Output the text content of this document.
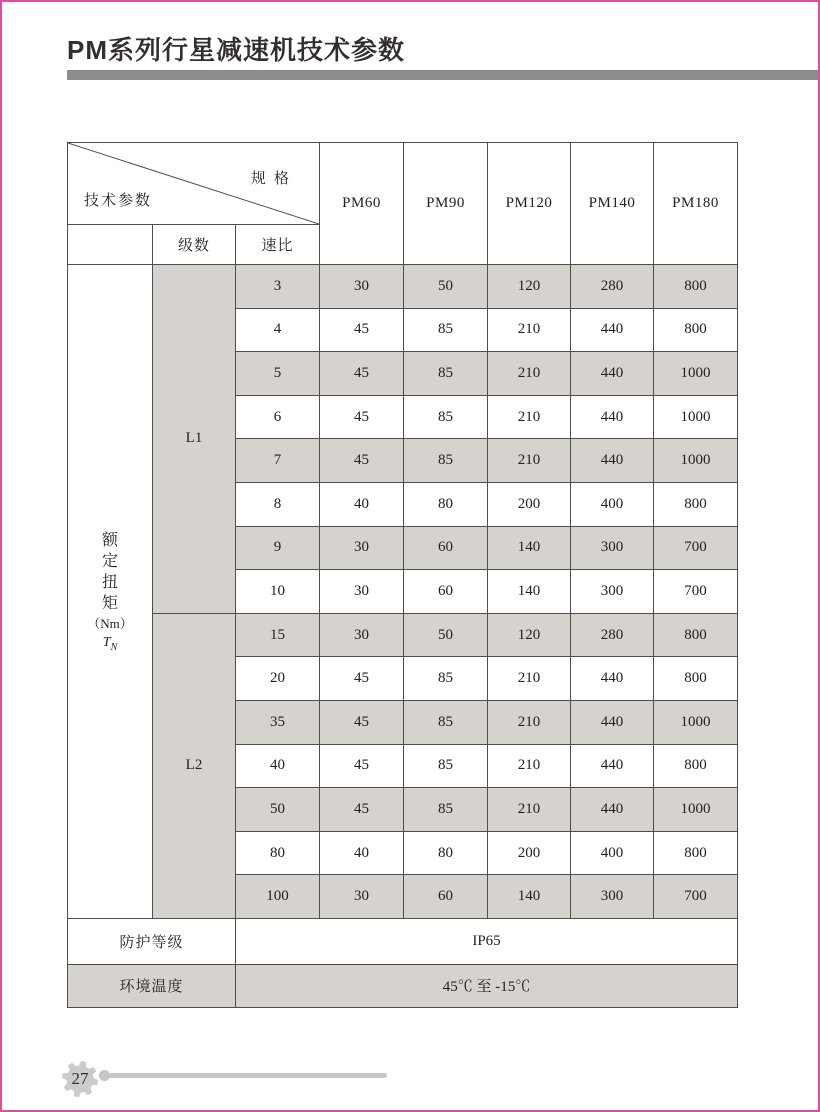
PM系列行星减速机技术参数
规 格
技术参数			PM60	PM90	PM120	PM140	PM180
	级数	速比					

额定扭矩
（Nm）
$T_N$	L1	3	30	50	120	280	800
		4	45	85	210	440	800
		5	45	85	210	440	1000
		6	45	85	210	440	1000
		7	45	85	210	440	1000
		8	40	80	200	400	800
		9	30	60	140	300	700
		10	30	60	140	300	700
	L2	15	30	50	120	280	800
		20	45	85	210	440	800
		35	45	85	210	440	1000
		40	45	85	210	440	800
		50	45	85	210	440	1000
		80	40	80	200	400	800
		100	30	60	140	300	700
防护等级		IP65					
环境温度		45℃ 至 -15℃					
27
